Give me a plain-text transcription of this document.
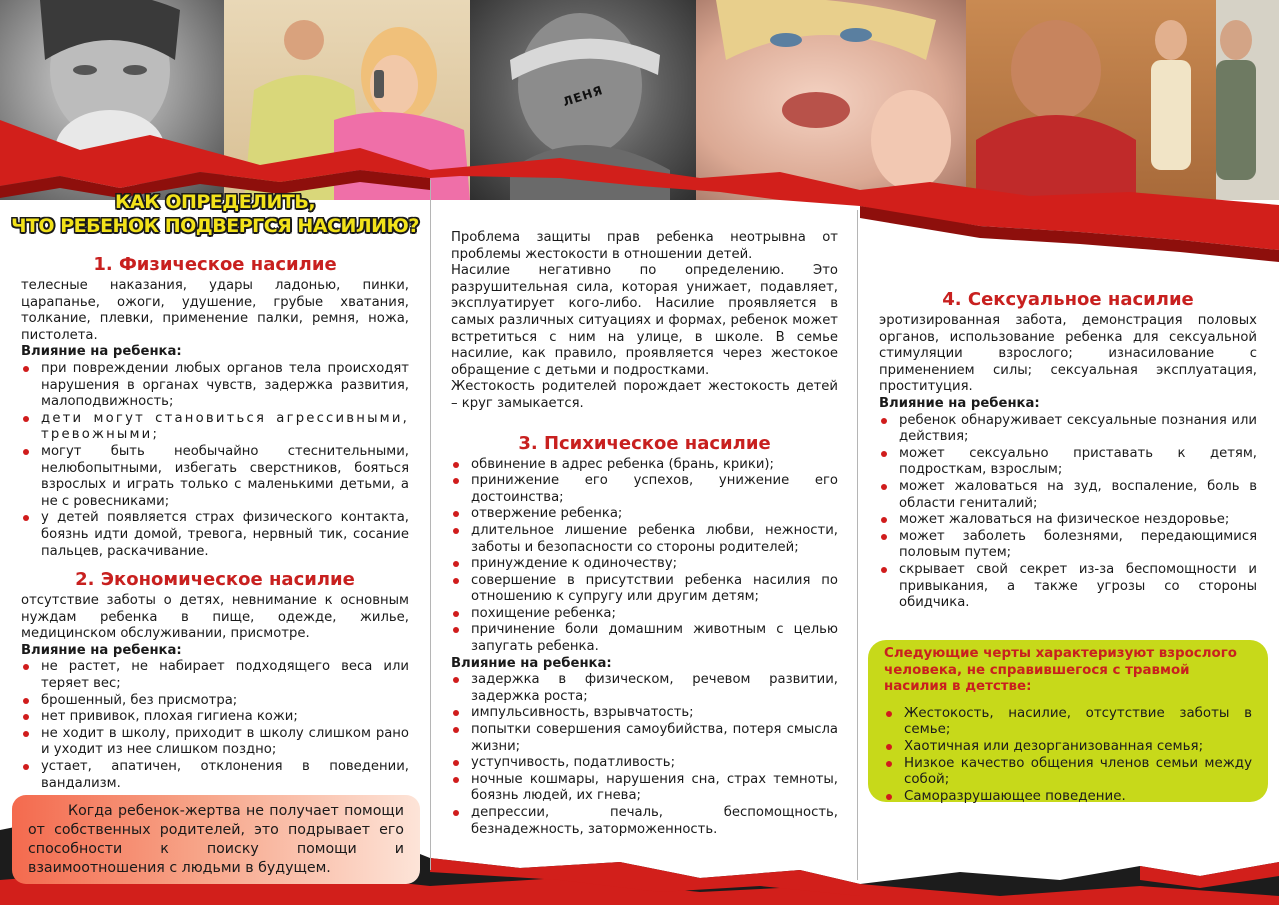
ЛЕНЯ
КАК ОПРЕДЕЛИТЬ,
ЧТО РЕБЕНОК ПОДВЕРГСЯ НАСИЛИЮ?
1. Физическое насилие

телесные наказания, удары ладонью, пинки, царапанье, ожоги, удушение, грубые хватания, толкание, плевки, применение палки, ремня, ножа, пистолета.

Влияние на ребенка:

при повреждении любых органов тела происходят нарушения в органах чувств, задержка развития, малоподвижность;
дети могут становиться агрессивными, тревожными;
могут быть необычайно стеснительными, нелюбопытными, избегать сверстников, бояться взрослых и играть только с маленькими детьми, а не с ровесниками;
у детей появляется страх физического контакта, боязнь идти домой, тревога, нервный тик, сосание пальцев, раскачивание.
2. Экономическое насилие

отсутствие заботы о детях, невнимание к основным нуждам ребенка в пище, одежде, жилье, медицинском обслуживании, присмотре.

Влияние на ребенка:

не растет, не набирает подходящего веса или теряет вес;
брошенный, без присмотра;
нет прививок, плохая гигиена кожи;
не ходит в школу, приходит в школу слишком рано и уходит из нее слишком поздно;
устает, апатичен, отклонения в поведении, вандализм.

Когда ребенок-жертва не получает помощи от собственных родителей, это подрывает его способности к поиску помощи и взаимоотношения с людьми в будущем.

Проблема защиты прав ребенка неотрывна от проблемы жестокости в отношении детей.

Насилие негативно по определению. Это разрушительная сила, которая унижает, подавляет, эксплуатирует кого-либо. Насилие проявляется в самых различных ситуациях и формах, ребенок может встретиться с ним на улице, в школе. В семье насилие, как правило, проявляется через жестокое обращение с детьми и подростками.

Жестокость родителей порождает жестокость детей – круг замыкается.

3. Психическое насилие
обвинение в адрес ребенка (брань, крики);
принижение его успехов, унижение его достоинства;
отвержение ребенка;
длительное лишение ребенка любви, нежности, заботы и безопасности со стороны родителей;
принуждение к одиночеству;
совершение в присутствии ребенка насилия по отношению к супругу или другим детям;
похищение ребенка;
причинение боли домашним животным с целью запугать ребенка.

Влияние на ребенка:

задержка в физическом, речевом развитии, задержка роста;
импульсивность, взрывчатость;
попытки совершения самоубийства, потеря смысла жизни;
уступчивость, податливость;
ночные кошмары, нарушения сна, страх темноты, боязнь людей, их гнева;
депрессии, печаль, беспомощность, безнадежность, заторможенность.
4. Сексуальное насилие

эротизированная забота, демонстрация половых органов, использование ребенка для сексуальной стимуляции взрослого; изнасилование с применением силы; сексуальная эксплуатация, проституция.

Влияние на ребенка:

ребенок обнаруживает сексуальные познания или действия;
может сексуально приставать к детям, подросткам, взрослым;
может жаловаться на зуд, воспаление, боль в области гениталий;
может жаловаться на физическое нездоровье;
может заболеть болезнями, передающимися половым путем;
скрывает свой секрет из-за беспомощности и привыкания, а также угрозы со стороны обидчика.

Следующие черты характеризуют взрослого человека, не справившегося с травмой насилия в детстве:

Жестокость, насилие, отсутствие заботы в семье;
Хаотичная или дезорганизованная семья;
Низкое качество общения членов семьи между собой;
Саморазрушающее поведение.
